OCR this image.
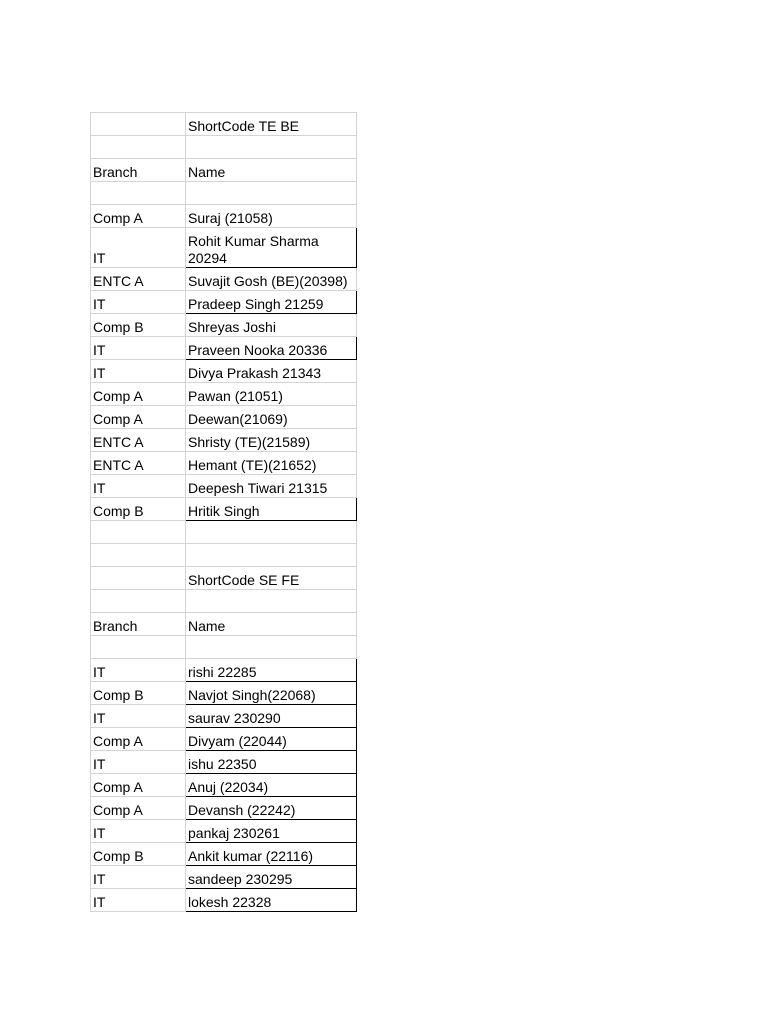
	ShortCode TE BE

Branch	Name

Comp A	Suraj (21058)
IT	Rohit Kumar Sharma 20294
ENTC A	Suvajit Gosh (BE)(20398)
IT	Pradeep Singh 21259
Comp B	Shreyas Joshi
IT	Praveen Nooka 20336
IT	Divya Prakash 21343
Comp A	Pawan (21051)
Comp A	Deewan(21069)
ENTC A	Shristy (TE)(21589)
ENTC A	Hemant (TE)(21652)
IT	Deepesh Tiwari 21315
Comp B	Hritik Singh

	ShortCode SE FE

Branch	Name

IT	rishi 22285
Comp B	Navjot Singh(22068)
IT	saurav 230290
Comp A	Divyam (22044)
IT	ishu 22350
Comp A	Anuj (22034)
Comp A	Devansh (22242)
IT	pankaj 230261
Comp B	Ankit kumar (22116)
IT	sandeep 230295
IT	lokesh 22328
